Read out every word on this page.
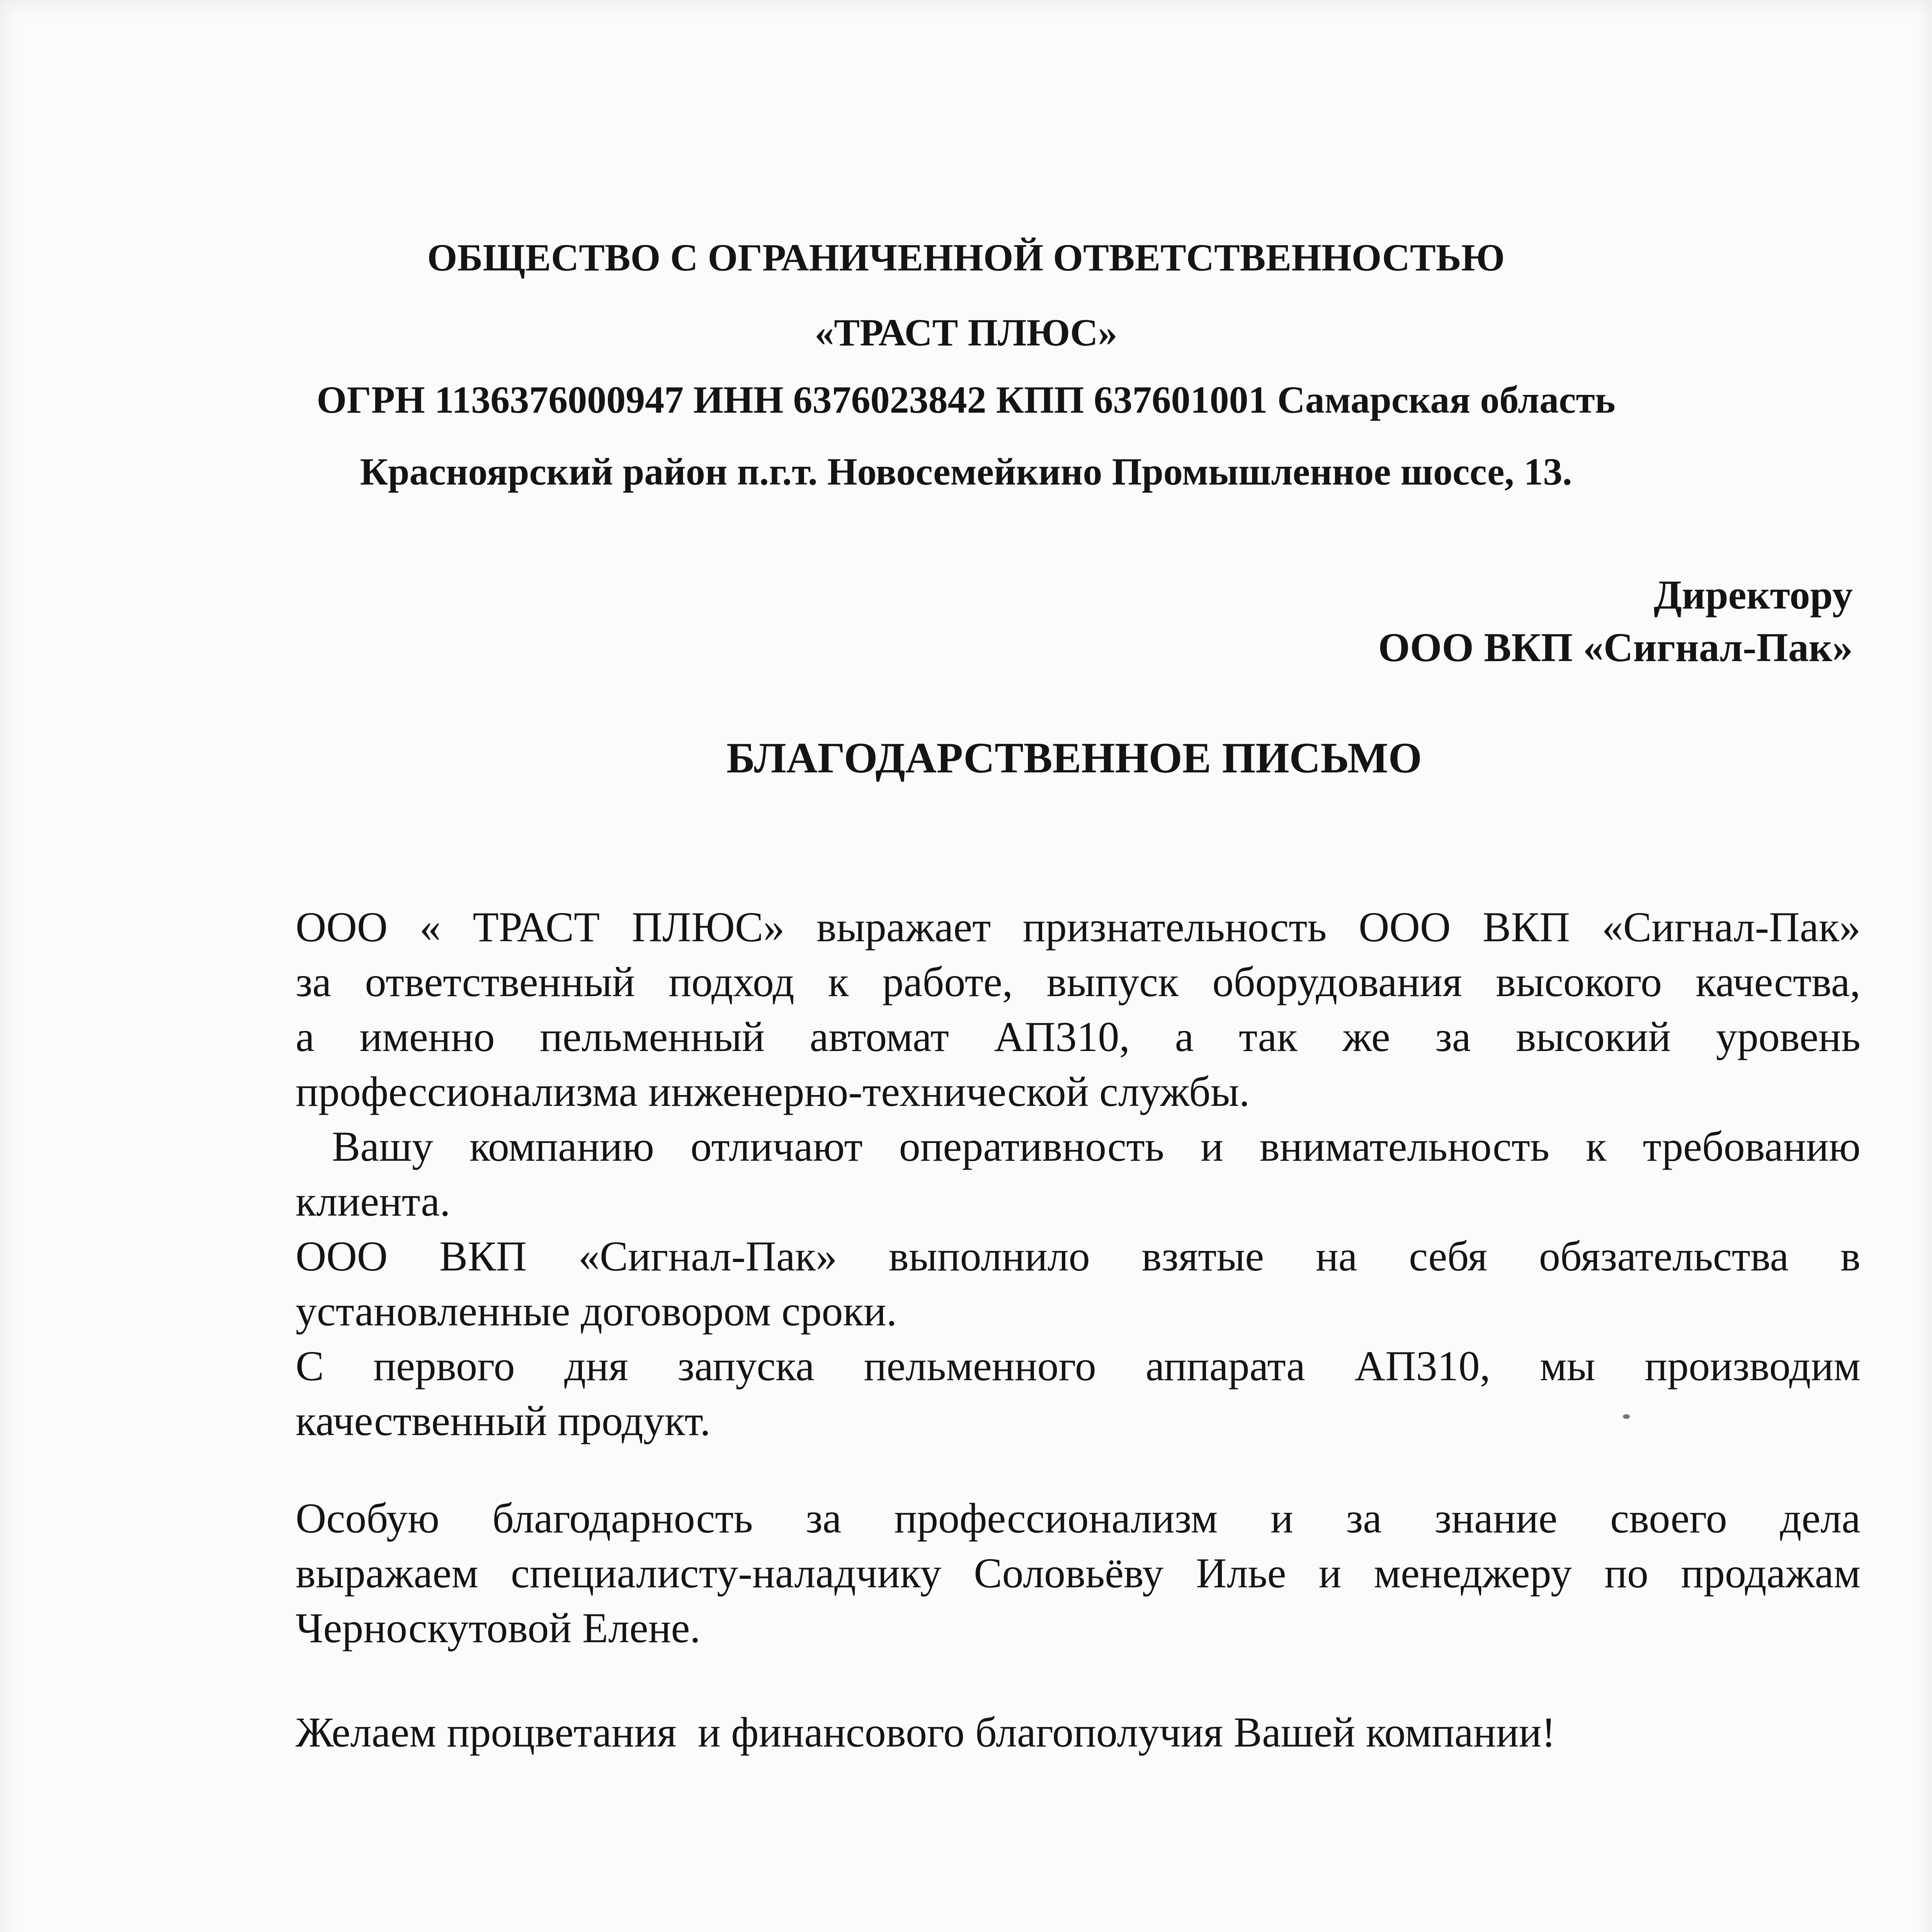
ОБЩЕСТВО С ОГРАНИЧЕННОЙ ОТВЕТСТВЕННОСТЬЮ
«ТРАСТ ПЛЮС»
ОГРН 1136376000947 ИНН 6376023842 КПП 637601001 Самарская область
Красноярский район п.г.т. Новосемейкино Промышленное шоссе, 13.
Директору
ООО ВКП «Сигнал-Пак»
БЛАГОДАРСТВЕННОЕ ПИСЬМО

ООО « ТРАСТ ПЛЮС» выражает признательность ООО ВКП «Сигнал-Пак»

за ответственный подход к работе, выпуск оборудования высокого качества,

а именно пельменный автомат АП310, а так же за высокий уровень

профессионализма инженерно-технической службы.

Вашу компанию отличают оперативность и внимательность к требованию

клиента.

ООО ВКП «Сигнал-Пак» выполнило взятые на себя обязательства в

установленные договором сроки.

С первого дня запуска пельменного аппарата АП310, мы производим

качественный продукт.

Особую благодарность за профессионализм и за знание своего дела

выражаем специалисту-наладчику Соловьёву Илье и менеджеру по продажам

Черноскутовой Елене.

Желаем процветания  и финансового благополучия Вашей компании!
